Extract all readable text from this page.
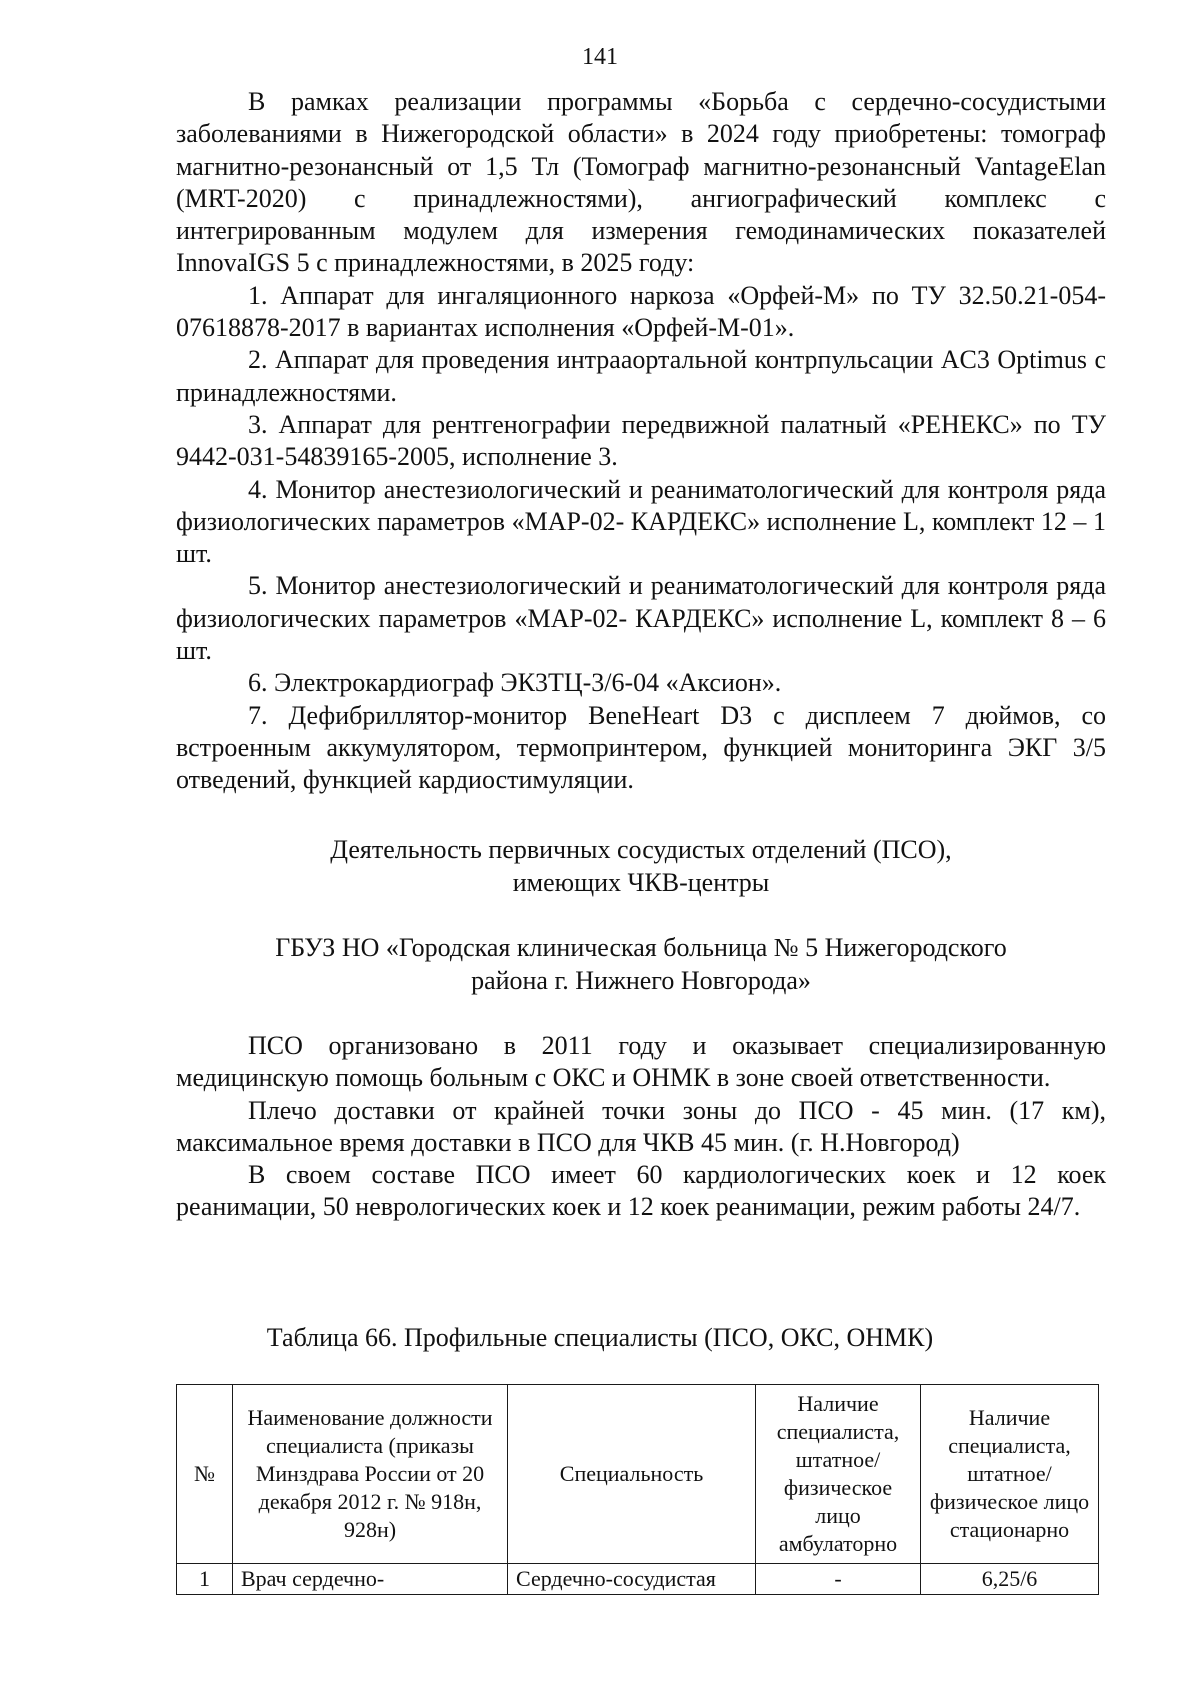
141

В рамках реализации программы «Борьба с сердечно-сосудистыми заболеваниями в Нижегородской области» в 2024 году приобретены: томограф магнитно-резонансный от 1,5 Тл (Томограф магнитно-резонансный VantageElan (MRT-2020) с принадлежностями), ангиографический комплекс с интегрированным модулем для измерения гемодинамических показателей InnovaIGS 5 с принадлежностями, в 2025 году:

1. Аппарат для ингаляционного наркоза «Орфей-М» по ТУ 32.50.21-054-07618878-2017 в вариантах исполнения «Орфей-М-01».

2. Аппарат для проведения интрааортальной контрпульсации AC3 Optimus с принадлежностями.

3. Аппарат для рентгенографии передвижной палатный «РЕНЕКС» по ТУ 9442-031-54839165-2005, исполнение 3.

4. Монитор анестезиологический и реаниматологический для контроля ряда физиологических параметров «МАР-02- КАРДЕКС» исполнение L, комплект 12 – 1 шт.

5. Монитор анестезиологический и реаниматологический для контроля ряда физиологических параметров «МАР-02- КАРДЕКС» исполнение L, комплект 8 – 6 шт.

6. Электрокардиограф ЭК3ТЦ-3/6-04 «Аксион».

7. Дефибриллятор-монитор BeneHeart D3 с дисплеем 7 дюймов, со встроенным аккумулятором, термопринтером, функцией мониторинга ЭКГ 3/5 отведений, функцией кардиостимуляции.

Деятельность первичных сосудистых отделений (ПСО),

имеющих ЧКВ-центры

ГБУЗ НО «Городская клиническая больница № 5 Нижегородского

района г. Нижнего Новгорода»

ПСО организовано в 2011 году и оказывает специализированную медицинскую помощь больным с ОКС и ОНМК в зоне своей ответственности.

Плечо доставки от крайней точки зоны до ПСО - 45 мин. (17 км), максимальное время доставки в ПСО для ЧКВ 45 мин. (г. Н.Новгород)

В своем составе ПСО имеет 60 кардиологических коек и 12 коек реанимации, 50 неврологических коек и 12 коек реанимации, режим работы 24/7.

Таблица 66. Профильные специалисты (ПСО, ОКС, ОНМК)
№	Наименование должности специалиста (приказы Минздрава России от 20 декабря 2012 г. № 918н, 928н)	Специальность	Наличие специалиста, штатное/физическое лицо амбулаторно	Наличие специалиста, штатное/физическое лицо стационарно
1	Врач сердечно-	Сердечно-сосудистая	-	6,25/6
